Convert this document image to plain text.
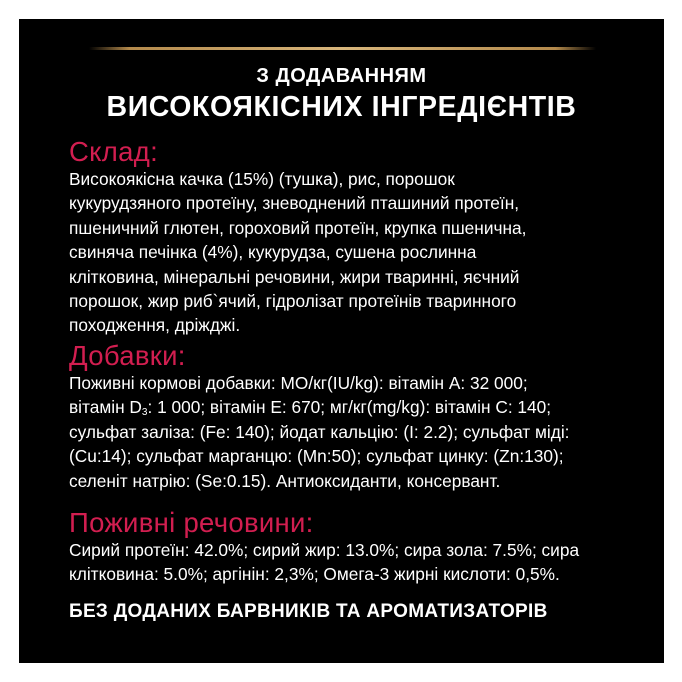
З ДОДАВАННЯМ
ВИСОКОЯКІСНИХ ІНГРЕДІЄНТІВ
Склад:
Високоякісна качка (15%) (тушка), рис, порошок
кукурудзяного протеїну, зневоднений пташиний протеїн,
пшеничний глютен, гороховий протеїн, крупка пшенична,
свиняча печінка (4%), кукурудза, сушена рослинна
клітковина, мінеральні речовини, жири тваринні, яєчний
порошок, жир риб`ячий, гідролізат протеїнів тваринного
походження, дріжджі.
Добавки:
Поживні кормові добавки: МО/кг(IU/kg): вітамін A: 32 000;
вітамін $D_3$: 1 000; вітамін E: 670; мг/кг(mg/kg): вітамін C: 140;
сульфат заліза: (Fe: 140); йодат кальцію: (I: 2.2); сульфат міді:
(Cu:14); сульфат марганцю: (Mn:50); сульфат цинку: (Zn:130);
селеніт натрію: (Se:0.15). Антиоксиданти, консервант.
Поживні речовини:
Сирий протеїн: 42.0%; сирий жир: 13.0%; сира зола: 7.5%; сира
клітковина: 5.0%; аргінін: 2,3%; Омега-3 жирні кислоти: 0,5%.
БЕЗ ДОДАНИХ БАРВНИКІВ ТА АРОМАТИЗАТОРІВ
